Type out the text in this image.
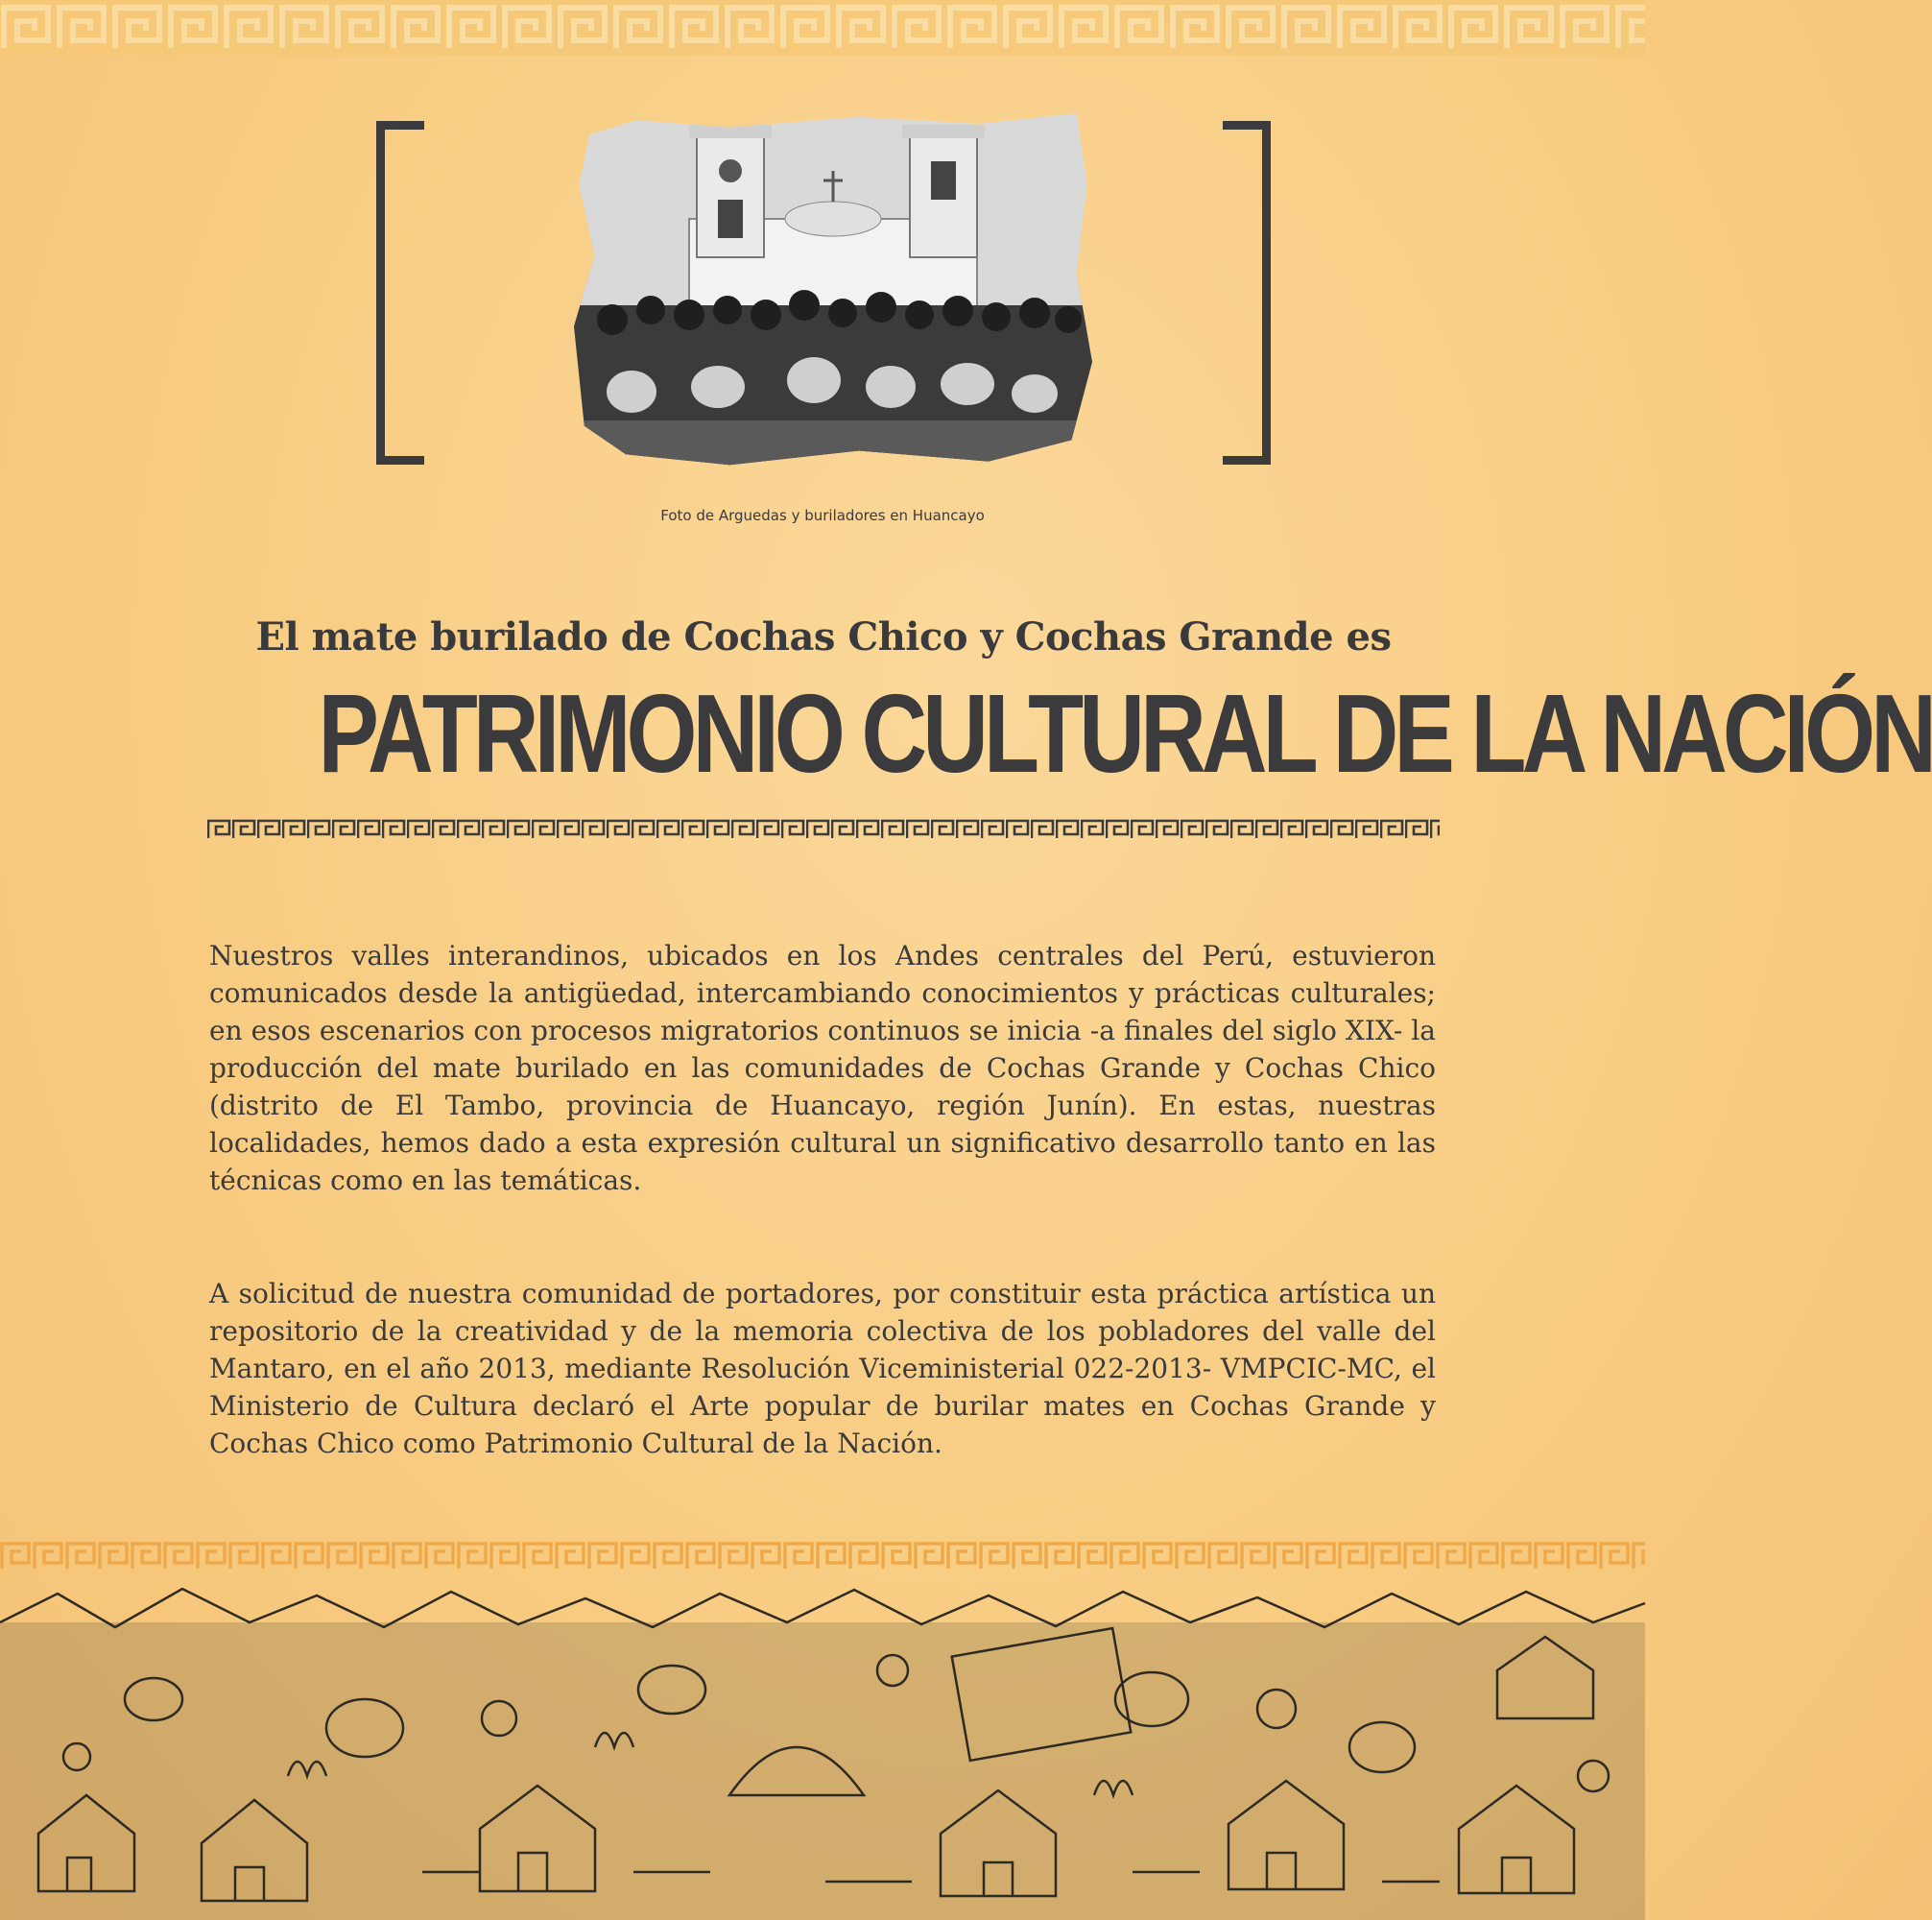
Foto de Arguedas y buriladores en Huancayo
El mate burilado de Cochas Chico y Cochas Grande es
PATRIMONIO CULTURAL DE LA NACIÓN

Nuestros valles interandinos, ubicados en los Andes centrales del Perú, estuvieron comunicados desde la antigüedad, intercambiando conocimientos y prácticas culturales; en esos escenarios con procesos migratorios continuos se inicia -a finales del siglo XIX- la producción del mate burilado en las comunidades de Cochas Grande y Cochas Chico (distrito de El Tambo, provincia de Huancayo, región Junín). En estas, nuestras localidades, hemos dado a esta expresión cultural un significativo desarrollo tanto en las técnicas como en las temáticas.

A solicitud de nuestra comunidad de portadores, por constituir esta práctica artística un repositorio de la creatividad y de la memoria colectiva de los pobladores del valle del Mantaro, en el año 2013, mediante Resolución Viceministerial 022-2013- VMPCIC-MC, el Ministerio de Cultura declaró el Arte popular de burilar mates en Cochas Grande y Cochas Chico como Patrimonio Cultural de la Nación.
